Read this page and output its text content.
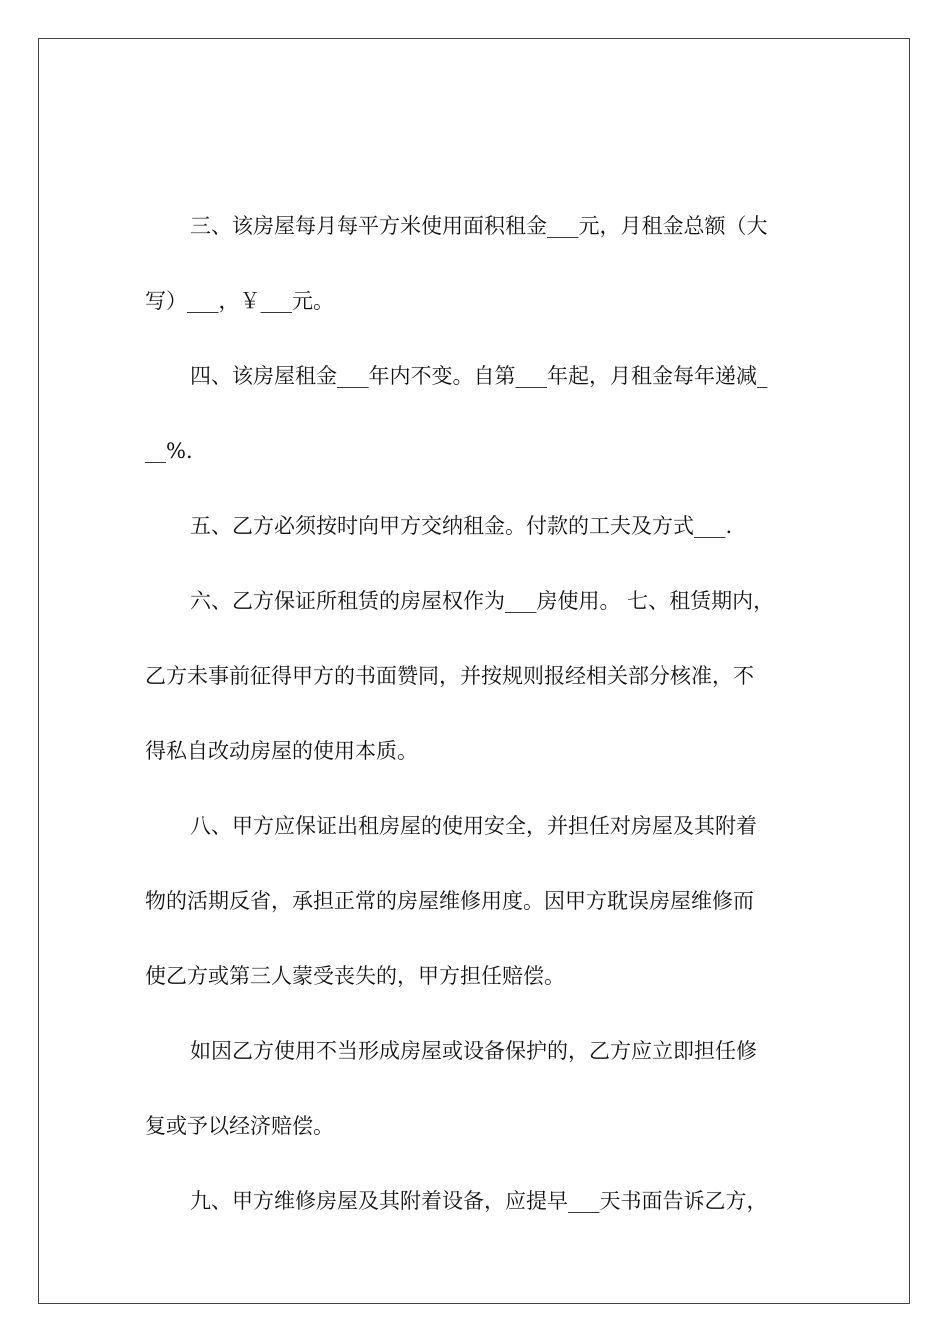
三、该房屋每月每平方米使用面积租金___元，月租金总额（大
写）___，￥___元。
四、该房屋租金___年内不变。自第___年起，月租金每年递减_
__%.
五、乙方必须按时向甲方交纳租金。付款的工夫及方式___.
六、乙方保证所租赁的房屋权作为___房使用。 七、租赁期内，
乙方未事前征得甲方的书面赞同，并按规则报经相关部分核准，不
得私自改动房屋的使用本质。
八、甲方应保证出租房屋的使用安全，并担任对房屋及其附着
物的活期反省，承担正常的房屋维修用度。因甲方耽误房屋维修而
使乙方或第三人蒙受丧失的，甲方担任赔偿。
如因乙方使用不当形成房屋或设备保护的，乙方应立即担任修
复或予以经济赔偿。
九、甲方维修房屋及其附着设备，应提早___天书面告诉乙方，
